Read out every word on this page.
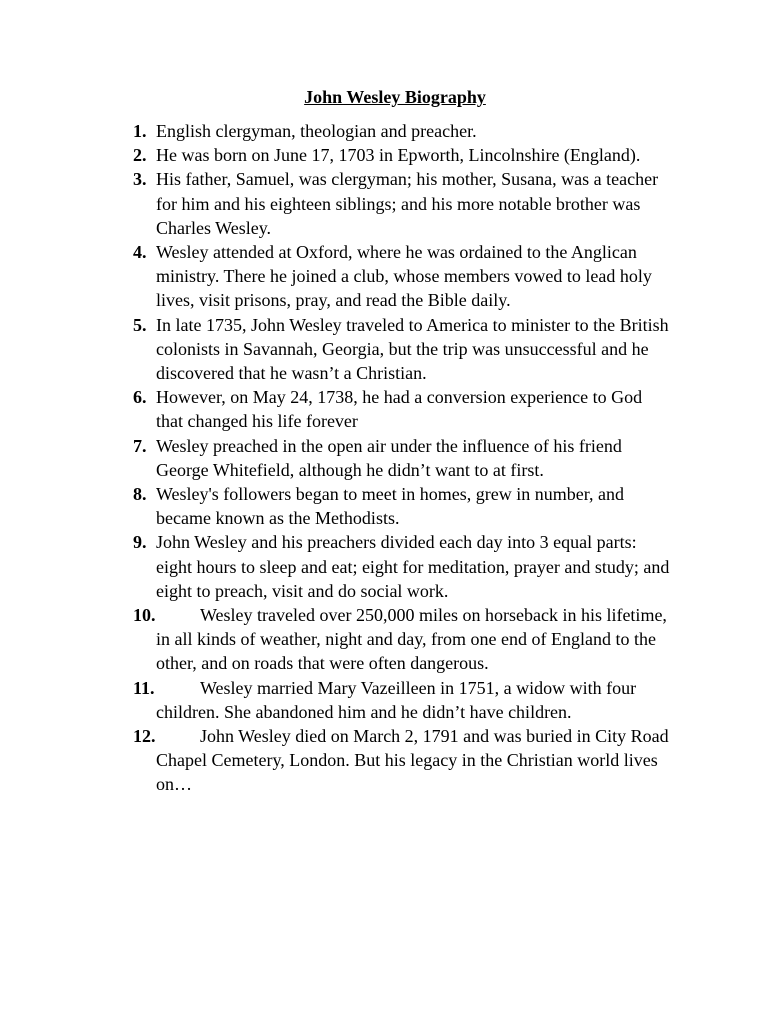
John Wesley Biography
1. English clergyman, theologian and preacher.
2. He was born on June 17, 1703 in Epworth, Lincolnshire (England).
3. His father, Samuel, was clergyman; his mother, Susana, was a teacher for him and his eighteen siblings; and his more notable brother was Charles Wesley.
4. Wesley attended at Oxford, where he was ordained to the Anglican ministry. There he joined a club, whose members vowed to lead holy lives, visit prisons, pray, and read the Bible daily.
5. In late 1735, John Wesley traveled to America to minister to the British colonists in Savannah, Georgia, but the trip was unsuccessful and he discovered that he wasn’t a Christian.
6. However, on May 24, 1738, he had a conversion experience to God that changed his life forever
7. Wesley preached in the open air under the influence of his friend George Whitefield, although he didn’t want to at first.
8. Wesley's followers began to meet in homes, grew in number, and became known as the Methodists.
9. John Wesley and his preachers divided each day into 3 equal parts: eight hours to sleep and eat; eight for meditation, prayer and study; and eight to preach, visit and do social work.
10. Wesley traveled over 250,000 miles on horseback in his lifetime, in all kinds of weather, night and day, from one end of England to the other, and on roads that were often dangerous.
11.	Wesley married Mary Vazeilleen in 1751, a widow with four children. She abandoned him and he didn’t have children.
12. John Wesley died on March 2, 1791 and was buried in City Road Chapel Cemetery, London. But his legacy in the Christian world lives on…
